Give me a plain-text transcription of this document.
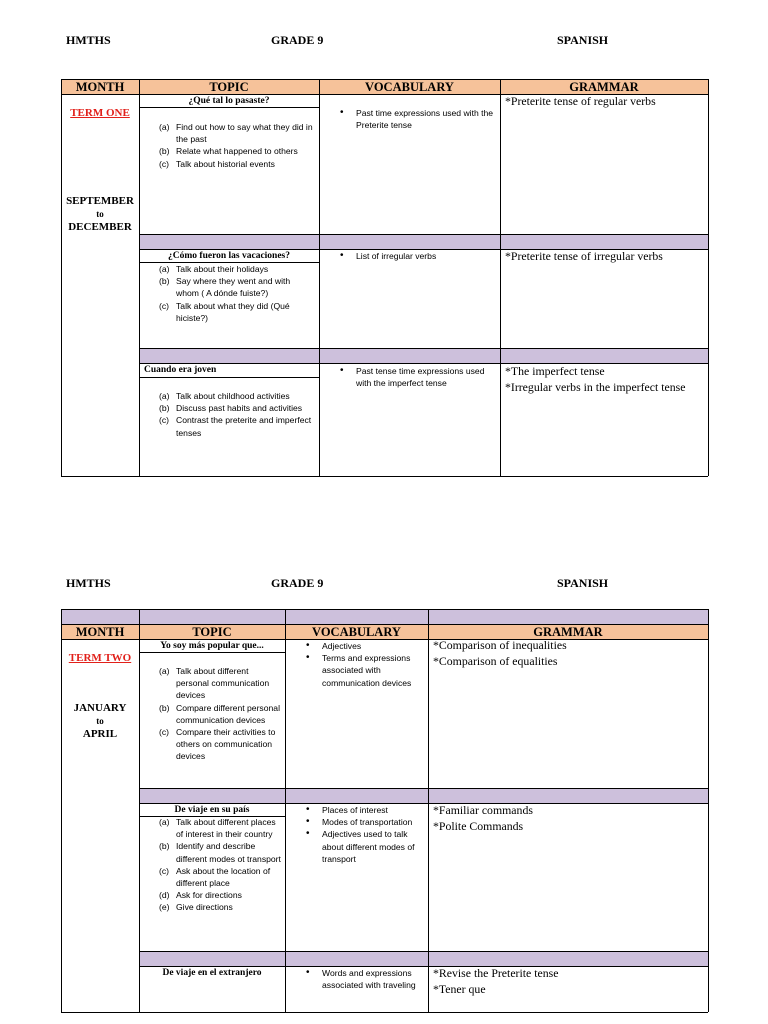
HMTHS	GRADE 9	SPANISH
MONTH	TOPIC	VOCABULARY	GRAMMAR
TERM ONE
SEPTEMBER
to
DECEMBER
¿Qué tal lo pasaste?
(a) Find out how to say what they did in the past
(b) Relate what happened to others
(c) Talk about historial events
• Past time expressions used with the Preterite tense
*Preterite tense of regular verbs
¿Cómo fueron las vacaciones?
(a) Talk about their holidays
(b) Say where they went and with whom ( A dónde fuiste?)
(c) Talk about what they did (Qué hiciste?)
• List of irregular verbs	*Preterite tense of irregular verbs
Cuando era joven
(a) Talk about childhood activities
(b) Discuss past habits and activities
(c) Contrast the preterite and imperfect tenses
• Past tense time expressions used with the imperfect tense
*The imperfect tense
*Irregular verbs in the imperfect tense
HMTHS	GRADE 9	SPANISH
MONTH	TOPIC	VOCABULARY	GRAMMAR
TERM TWO
JANUARY
to
APRIL
Yo soy más popular que...
(a) Talk about different personal communication devices
(b) Compare different personal communication devices
(c) Compare their activities to others on communication devices
• Adjectives
• Terms and expressions associated with communication devices
*Comparison of inequalities
*Comparison of equalities
De viaje en su país
(a) Talk about different places of interest in their country
(b) Identify and describe different modes ot transport
(c) Ask about the location of different place
(d) Ask for directions
(e) Give directions
• Places of interest
• Modes of transportation
• Adjectives used to talk about different modes of transport
*Familiar commands
*Polite Commands
De viaje en el extranjero
•	Words and expressions associated with traveling
*Revise the Preterite tense
*Tener que
